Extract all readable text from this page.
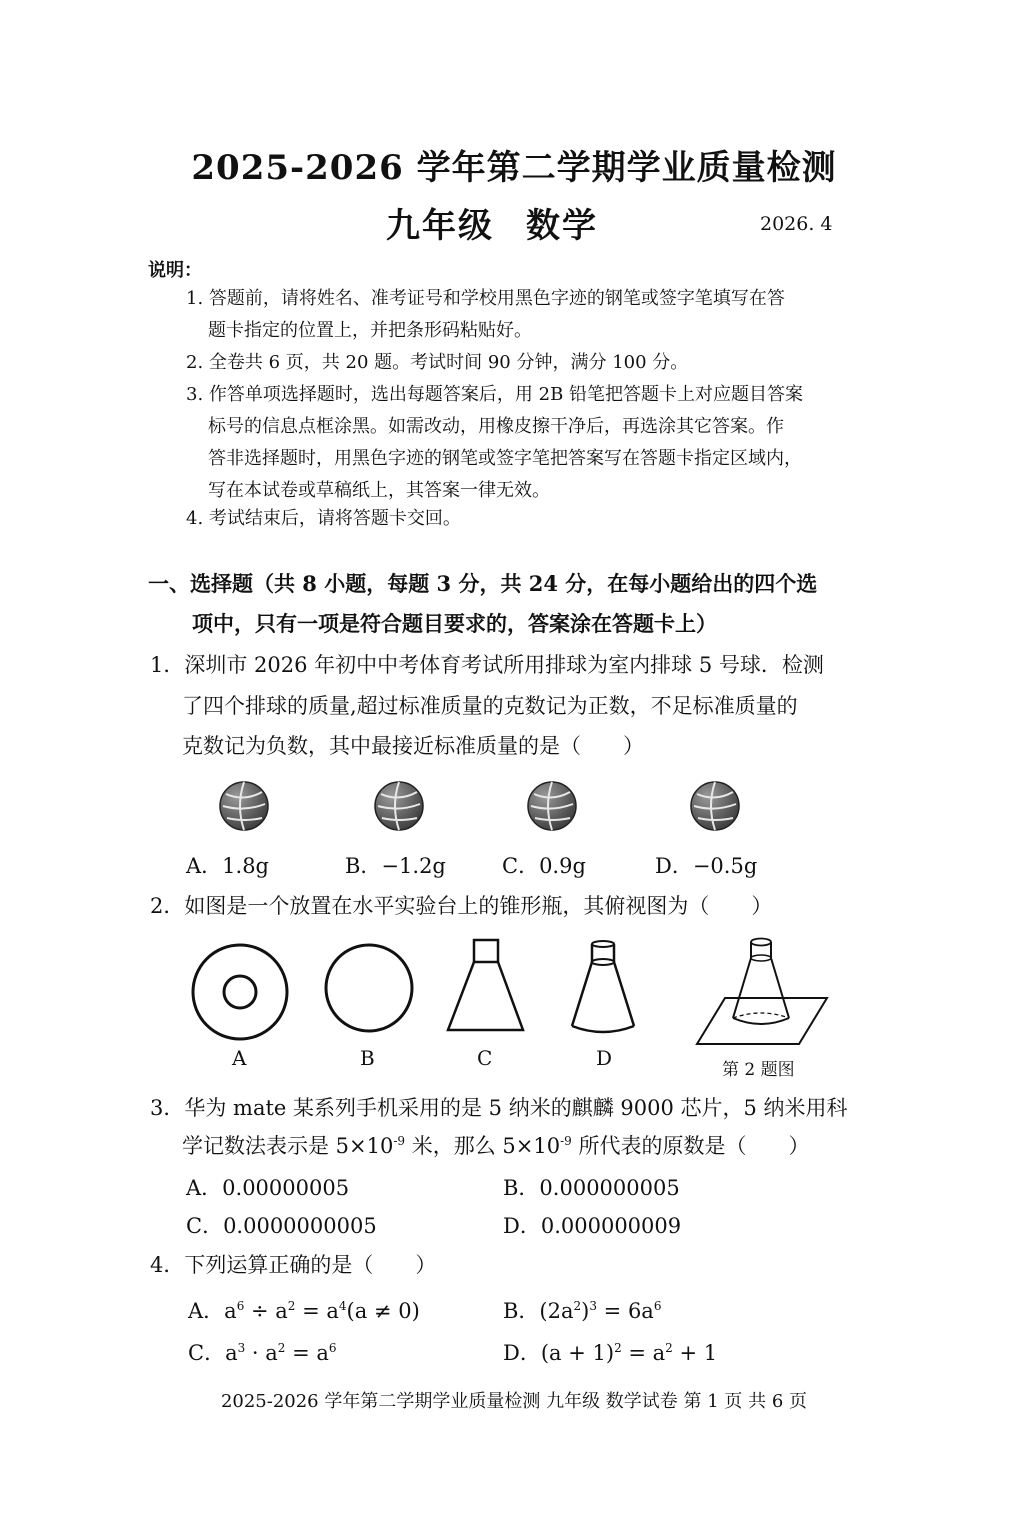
2025-2026 学年第二学期学业质量检测
九年级 数学	2026. 4
说明：
1. 答题前，请将姓名、准考证号和学校用黑色字迹的钢笔或签字笔填写在答
题卡指定的位置上，并把条形码粘贴好。
2. 全卷共 6 页，共 20 题。考试时间 90 分钟，满分 100 分。
3. 作答单项选择题时，选出每题答案后，用 2B 铅笔把答题卡上对应题目答案
标号的信息点框涂黑。如需改动，用橡皮擦干净后，再选涂其它答案。作
答非选择题时，用黑色字迹的钢笔或签字笔把答案写在答题卡指定区域内，
写在本试卷或草稿纸上，其答案一律无效。
4. 考试结束后，请将答题卡交回。
一、选择题（共 8 小题，每题 3 分，共 24 分，在每小题给出的四个选
项中，只有一项是符合题目要求的，答案涂在答题卡上）
1．深圳市 2026 年初中中考体育考试所用排球为室内排球 5 号球．检测
了四个排球的质量,超过标准质量的克数记为正数，不足标准质量的
克数记为负数，其中最接近标准质量的是（　　）
A．1.8g	B．−1.2g	C．0.9g	D．−0.5g
2．如图是一个放置在水平实验台上的锥形瓶，其俯视图为（　　）
A	B	C	D	第 2 题图
3．华为 mate 某系列手机采用的是 5 纳米的麒麟 9000 芯片，5 纳米用科
学记数法表示是 $5\times 10^{-9}$ 米，那么 $5\times 10^{-9}$ 所代表的原数是（　　）
A．0.00000005	B．0.000000005
C．0.0000000005	D．0.000000009
4．下列运算正确的是（　　）
A．$a^6 \div a^2 = a^4(a \ne 0)$	B．$(2a^2)^3 = 6a^6$
C．$a^3 \cdot a^2 = a^6$	D．$(a + 1)^2 = a^2 + 1$
2025-2026 学年第二学期学业质量检测 九年级 数学试卷 第 1 页 共 6 页
